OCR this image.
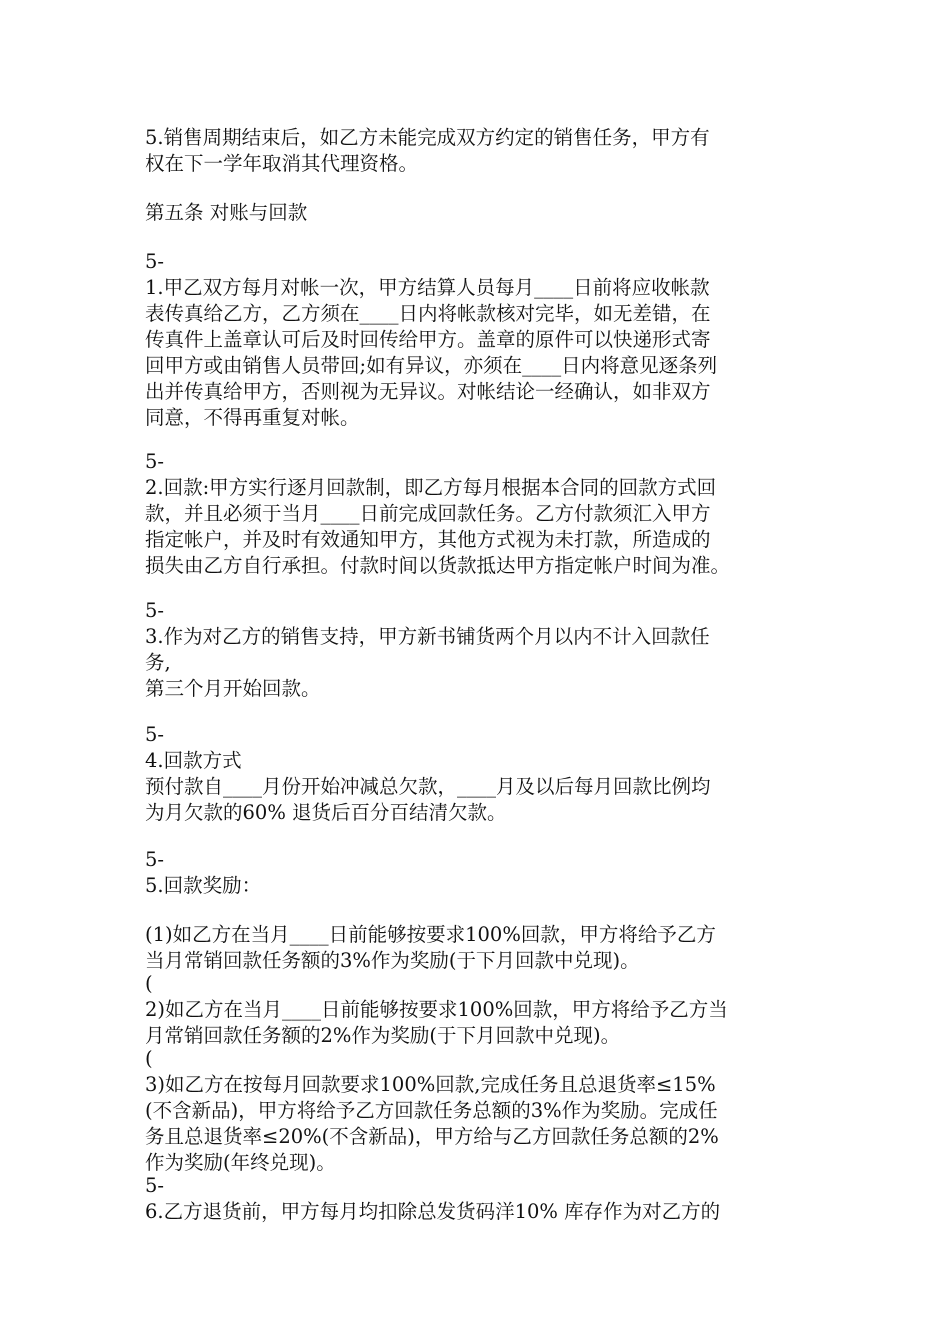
5.销售周期结束后，如乙方未能完成双方约定的销售任务，甲方有

权在下一学年取消其代理资格。

第五条 对账与回款

5-

1.甲乙双方每月对帐一次，甲方结算人员每月____日前将应收帐款

表传真给乙方，乙方须在____日内将帐款核对完毕，如无差错，在

传真件上盖章认可后及时回传给甲方。盖章的原件可以快递形式寄

回甲方或由销售人员带回;如有异议，亦须在____日内将意见逐条列

出并传真给甲方，否则视为无异议。对帐结论一经确认，如非双方

同意，不得再重复对帐。

5-

2.回款:甲方实行逐月回款制，即乙方每月根据本合同的回款方式回

款，并且必须于当月____日前完成回款任务。乙方付款须汇入甲方

指定帐户，并及时有效通知甲方，其他方式视为未打款，所造成的

损失由乙方自行承担。付款时间以货款抵达甲方指定帐户时间为准。

5-

3.作为对乙方的销售支持，甲方新书铺货两个月以内不计入回款任

务,

第三个月开始回款。

5-

4.回款方式

预付款自____月份开始冲减总欠款，____月及以后每月回款比例均

为月欠款的60% 退货后百分百结清欠款。

5-

5.回款奖励：

(1)如乙方在当月____日前能够按要求100%回款，甲方将给予乙方

当月常销回款任务额的3%作为奖励(于下月回款中兑现)。

(

2)如乙方在当月____日前能够按要求100%回款，甲方将给予乙方当

月常销回款任务额的2%作为奖励(于下月回款中兑现)。

(

3)如乙方在按每月回款要求100%回款,完成任务且总退货率≤15%

(不含新品)，甲方将给予乙方回款任务总额的3%作为奖励。完成任

务且总退货率≤20%(不含新品)，甲方给与乙方回款任务总额的2%

作为奖励(年终兑现)。

5-

6.乙方退货前，甲方每月均扣除总发货码洋10% 库存作为对乙方的
